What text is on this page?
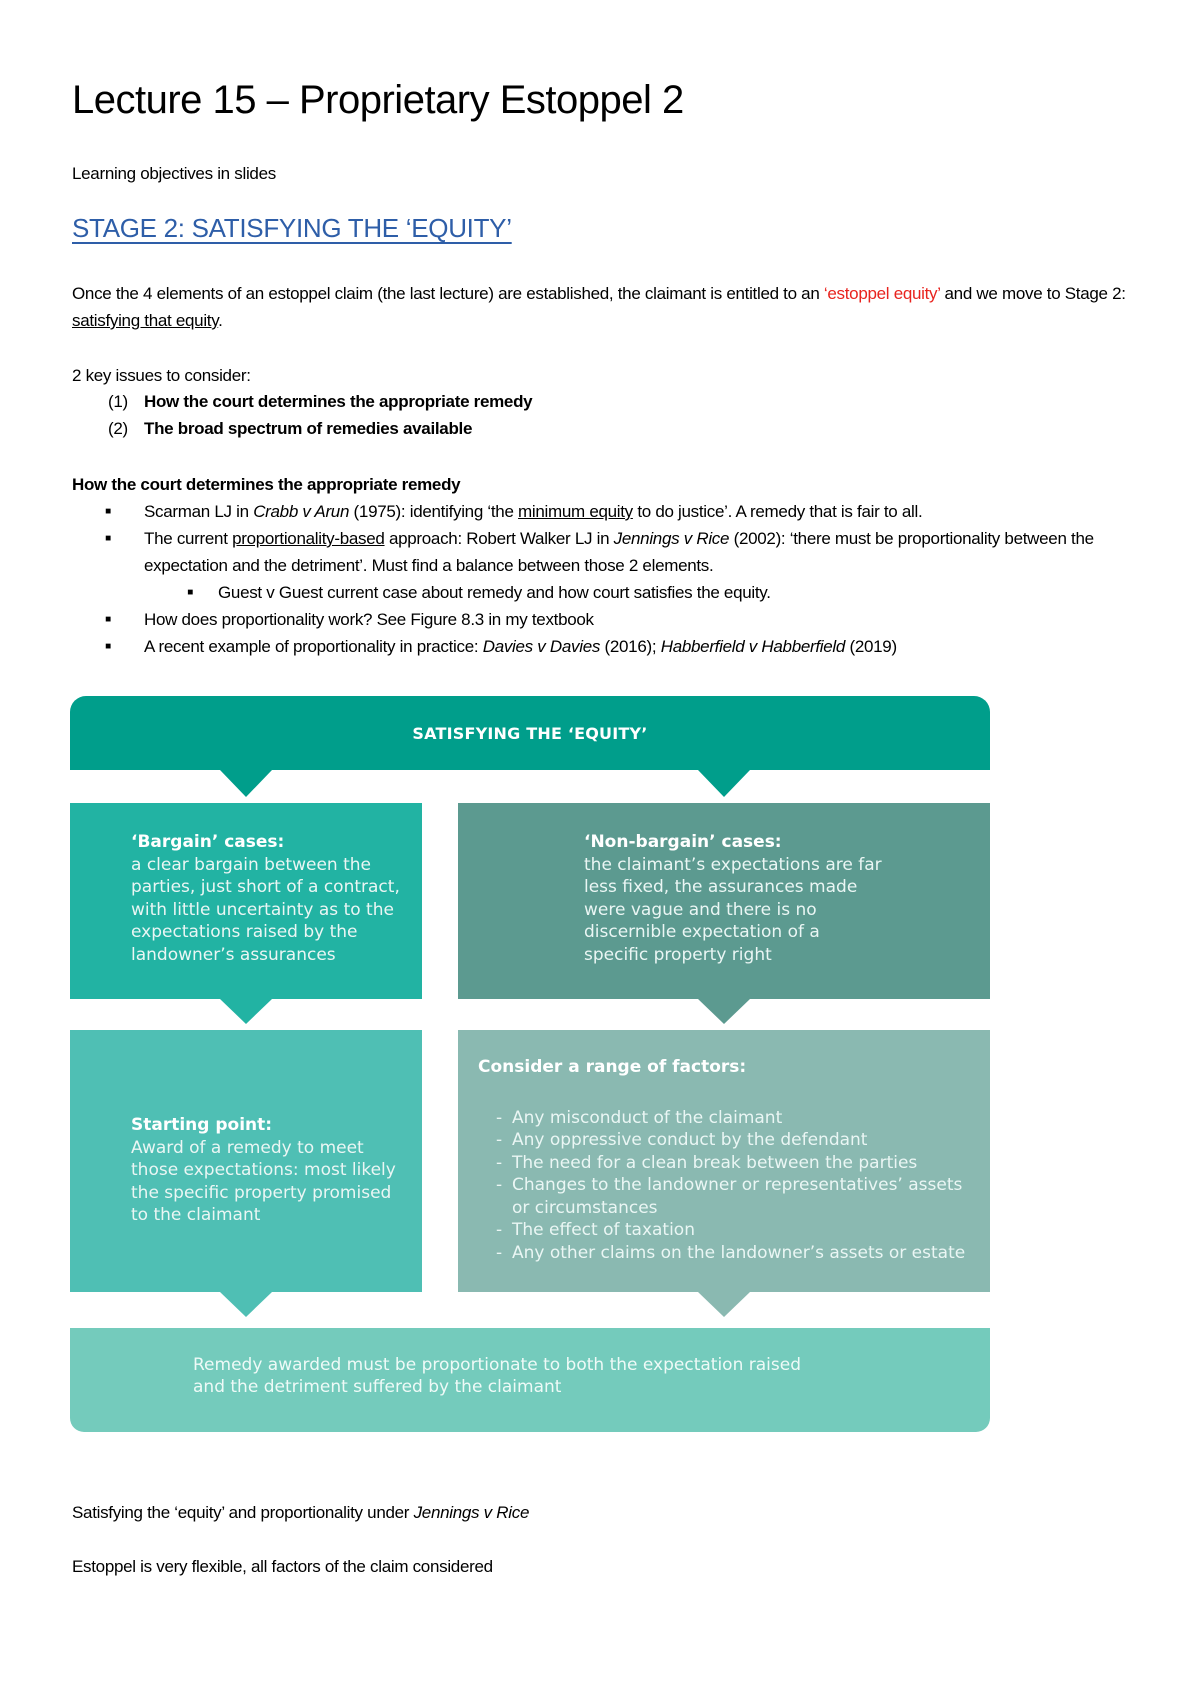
Lecture 15 – Proprietary Estoppel 2
Learning objectives in slides
STAGE 2: SATISFYING THE ‘EQUITY’
Once the 4 elements of an estoppel claim (the last lecture) are established, the claimant is entitled to an ‘estoppel equity’ and we move to Stage 2: satisfying that equity.
2 key issues to consider:
(1) How the court determines the appropriate remedy
(2) The broad spectrum of remedies available
How the court determines the appropriate remedy
■	Scarman LJ in Crabb v Arun (1975): identifying ‘the minimum equity to do justice’. A remedy that is fair to all.
■	The current proportionality-based approach: Robert Walker LJ in Jennings v Rice (2002): ‘there must be proportionality between the expectation and the detriment’. Must find a balance between those 2 elements.
■	Guest v Guest current case about remedy and how court satisfies the equity.
■	How does proportionality work? See Figure 8.3 in my textbook
■	A recent example of proportionality in practice: Davies v Davies (2016); Habberfield v Habberfield (2019)
SATISFYING THE ‘EQUITY’
‘Bargain’ cases:
a clear bargain between the parties, just short of a contract, with little uncertainty as to the expectations raised by the landowner’s assurances
‘Non-bargain’ cases:
the claimant’s expectations are far less fixed, the assurances made were vague and there is no discernible expectation of a specific property right
Starting point:
Award of a remedy to meet those expectations: most likely the specific property promised to the claimant
Consider a range of factors:
- Any misconduct of the claimant
- Any oppressive conduct by the defendant
- The need for a clean break between the parties
- Changes to the landowner or representatives’ assets or circumstances
- The effect of taxation
- Any other claims on the landowner’s assets or estate
Remedy awarded must be proportionate to both the expectation raised and the detriment suffered by the claimant
Satisfying the ‘equity’ and proportionality under Jennings v Rice
Estoppel is very flexible, all factors of the claim considered
